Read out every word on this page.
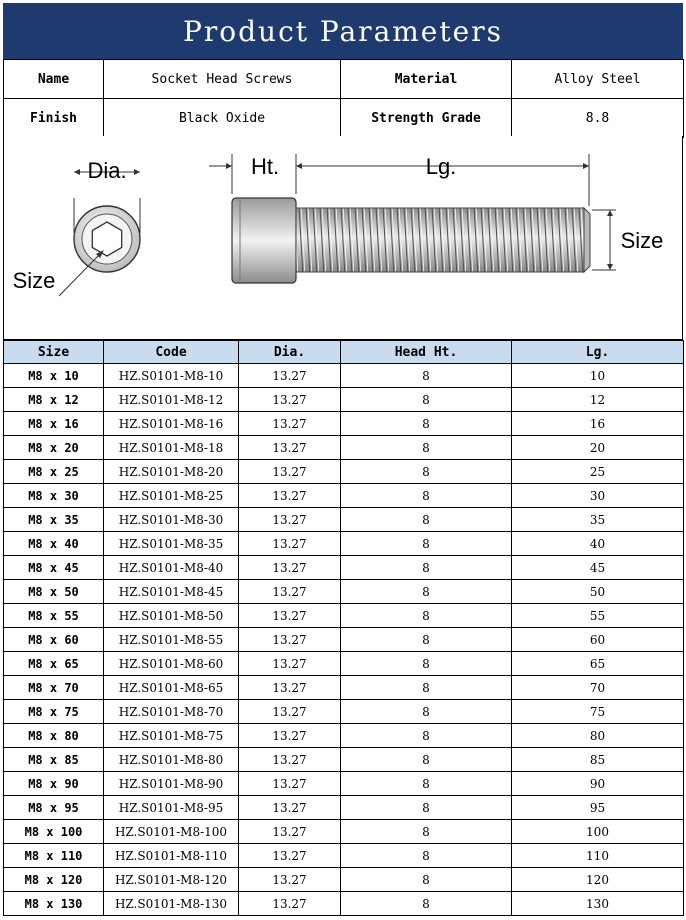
Product Parameters
Name	Socket Head Screws	Material	Alloy Steel
Finish	Black Oxide	Strength Grade	8.8
Dia.
Size
Ht.	Lg.
Size
Size	Code	Dia.	Head Ht.	Lg.
M8 x 10	HZ.S0101-M8-10	13.27	8	10
M8 x 12	HZ.S0101-M8-12	13.27	8	12
M8 x 16	HZ.S0101-M8-16	13.27	8	16
M8 x 20	HZ.S0101-M8-18	13.27	8	20
M8 x 25	HZ.S0101-M8-20	13.27	8	25
M8 x 30	HZ.S0101-M8-25	13.27	8	30
M8 x 35	HZ.S0101-M8-30	13.27	8	35
M8 x 40	HZ.S0101-M8-35	13.27	8	40
M8 x 45	HZ.S0101-M8-40	13.27	8	45
M8 x 50	HZ.S0101-M8-45	13.27	8	50
M8 x 55	HZ.S0101-M8-50	13.27	8	55
M8 x 60	HZ.S0101-M8-55	13.27	8	60
M8 x 65	HZ.S0101-M8-60	13.27	8	65
M8 x 70	HZ.S0101-M8-65	13.27	8	70
M8 x 75	HZ.S0101-M8-70	13.27	8	75
M8 x 80	HZ.S0101-M8-75	13.27	8	80
M8 x 85	HZ.S0101-M8-80	13.27	8	85
M8 x 90	HZ.S0101-M8-90	13.27	8	90
M8 x 95	HZ.S0101-M8-95	13.27	8	95
M8 x 100	HZ.S0101-M8-100	13.27	8	100
M8 x 110	HZ.S0101-M8-110	13.27	8	110
M8 x 120	HZ.S0101-M8-120	13.27	8	120
M8 x 130	HZ.S0101-M8-130	13.27	8	130
